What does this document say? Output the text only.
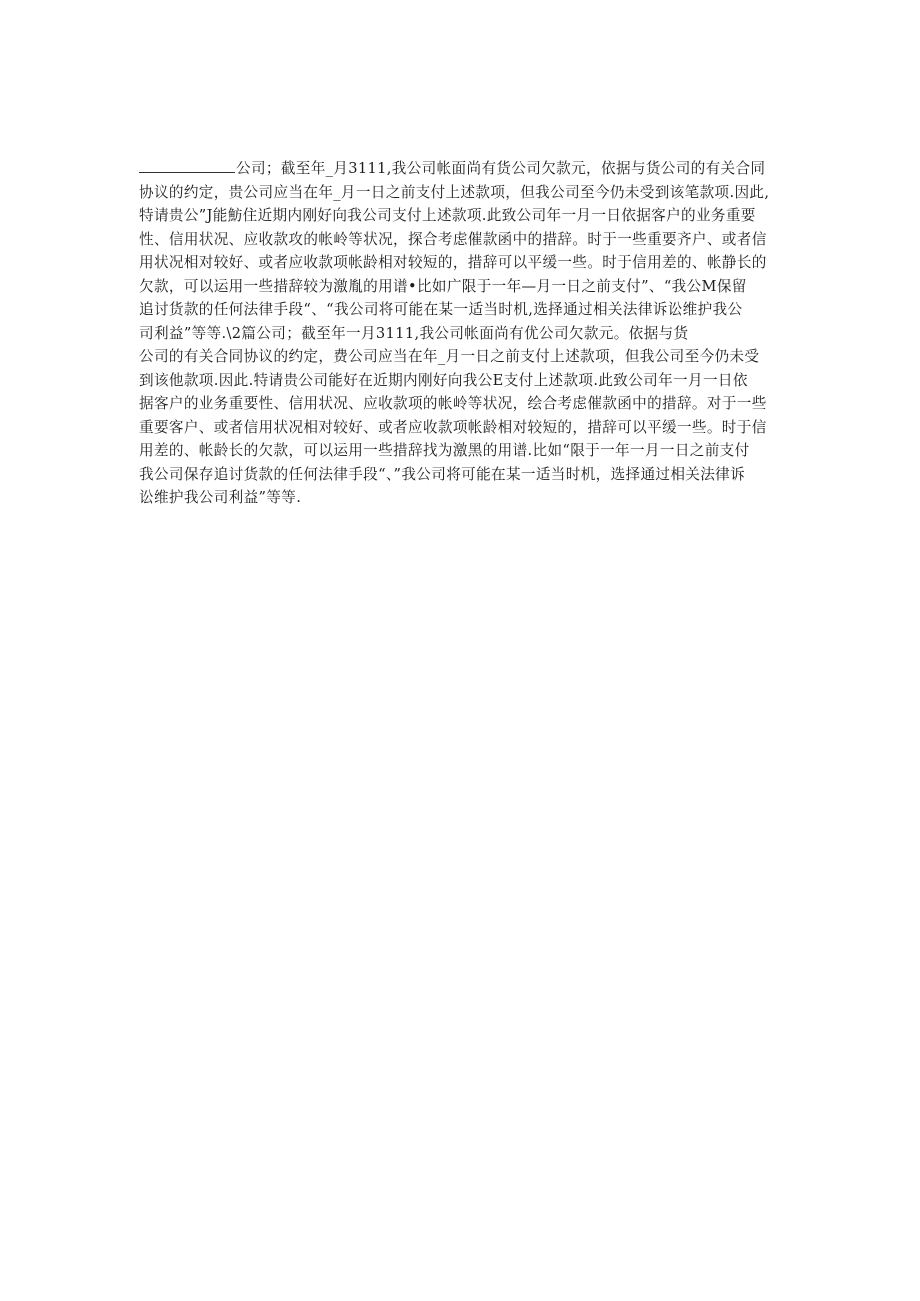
公司；截至年_月3111,我公司帐面尚有货公司欠款元，依据与货公司的有关合同
协议的约定，贵公司应当在年_月一日之前支付上述款项，但我公司至今仍未受到该笔款项.因此,
特请贵公”J能魴住近期内刚好向我公司支付上述款项.此致公司年一月一日依据客户的业务重要
性、信用状况、应收款攻的帐岭等状况，探合考虑催款函中的措辞。时于一些重要齐户、或者信
用状况相对较好、或者应收款项帐龄相对较短的，措辞可以平缓一些。时于信用差的、帐静长的
欠款，可以运用一些措辞较为激胤的用谱•比如广限于一年—月一日之前支付”、“我公M保留
追讨货款的任何法律手段“、“我公司将可能在某一适当时机,选择通过相关法律诉讼维护我公
司利益”等等.\2篇公司；截至年一月3111,我公司帐面尚有优公司欠款元。依据与货
公司的有关合同协议的约定，费公司应当在年_月一日之前支付上述款项，但我公司至今仍未受
到该他款项.因此.特请贵公司能好在近期内刚好向我公E支付上述款项.此致公司年一月一日依
据客户的业务重要性、信用状况、应收款项的帐岭等状况，绘合考虑催款函中的措辞。对于一些
重要客户、或者信用状况相对较好、或者应收款项帐龄相对较短的，措辞可以平缓一些。时于信
用差的、帐龄长的欠款，可以运用一些措辞找为激黑的用谱.比如“限于一年一月一日之前支付
我公司保存追讨货款的任何法律手段“、”我公司将可能在某一适当时机，选择通过相关法律诉
讼维护我公司利益”等等.
